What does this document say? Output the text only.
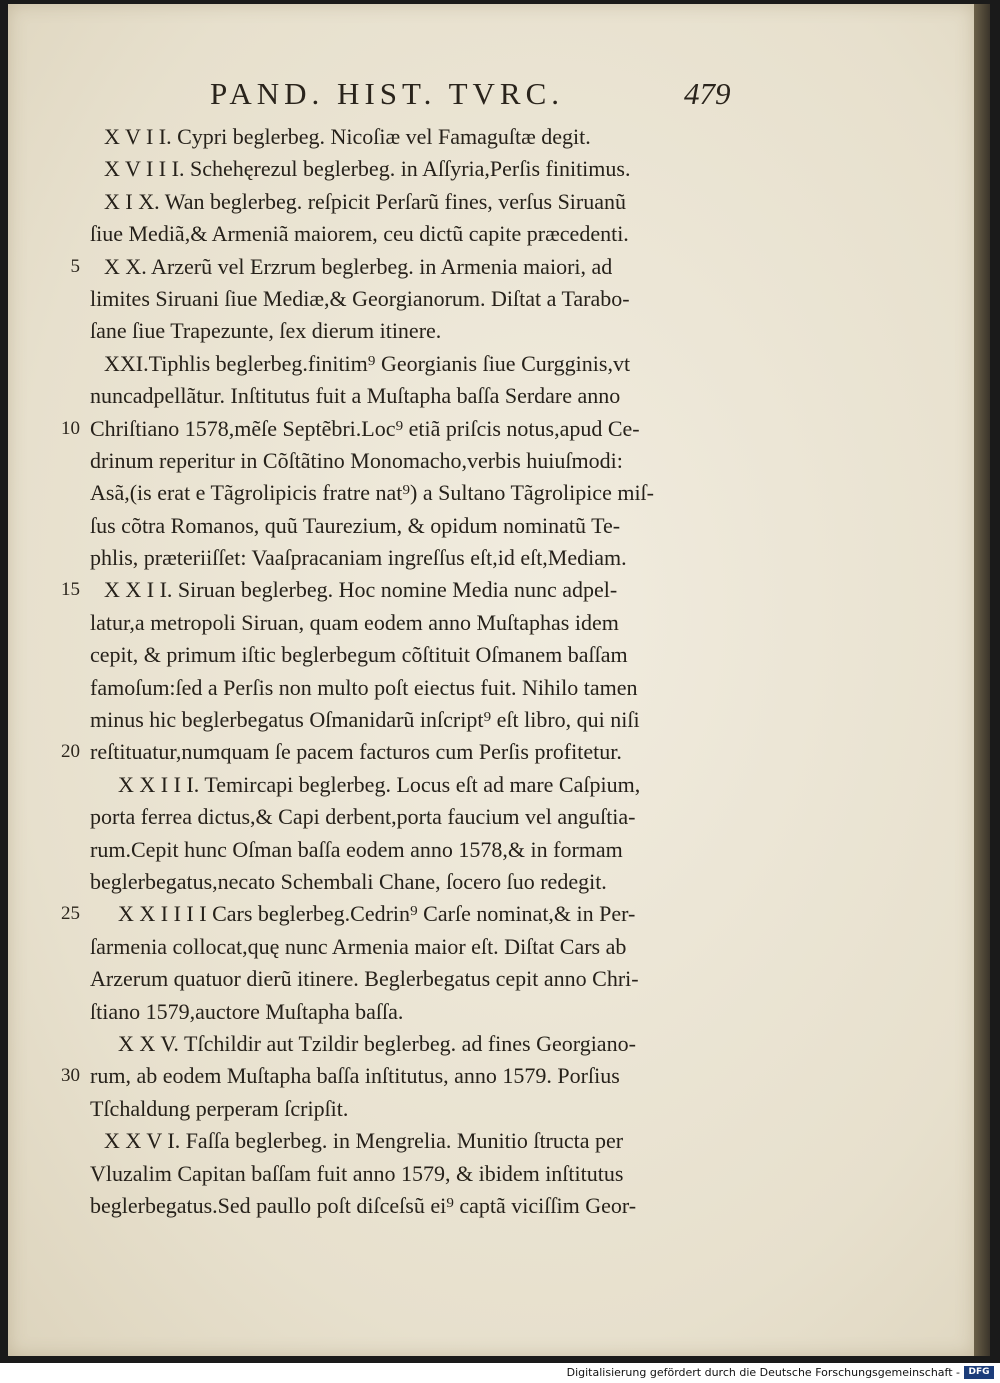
PAND. HIST. TVRC.	479
X V I I. Cypri beglerbeg. Nicoſiæ vel Famaguſtæ degit.
X V I I I. Schehęrezul beglerbeg. in Aſſyria,Perſis finitimus.
X I X. Wan beglerbeg. reſpicit Perſarũ fines, verſus Siruanũ
ſiue Mediã,& Armeniã maiorem, ceu dictũ capite præcedenti.
5 X X. Arzerũ vel Erzrum beglerbeg. in Armenia maiori, ad
limites Siruani ſiue Mediæ,& Georgianorum. Diſtat a Tarabo-
ſane ſiue Trapezunte, ſex dierum itinere.
XXI.Tiphlis beglerbeg.finitim⁹ Georgianis ſiue Curgginis,vt
nuncadpellãtur. Inſtitutus fuit a Muſtapha baſſa Serdare anno
10 Chriſtiano 1578,mẽſe Septẽbri.Loc⁹ etiã priſcis notus,apud Ce-
drinum reperitur in Cõſtãtino Monomacho,verbis huiuſmodi:
Asã,(is erat e Tãgrolipicis fratre nat⁹) a Sultano Tãgrolipice miſ-
ſus cõtra Romanos, quũ Taurezium, & opidum nominatũ Te-
phlis, præteriiſſet: Vaaſpracaniam ingreſſus eſt,id eſt,Mediam.
15 X X I I. Siruan beglerbeg. Hoc nomine Media nunc adpel-
latur,a metropoli Siruan, quam eodem anno Muſtaphas idem
cepit, & primum iſtic beglerbegum cõſtituit Oſmanem baſſam
famoſum:ſed a Perſis non multo poſt eiectus fuit. Nihilo tamen
minus hic beglerbegatus Oſmanidarũ inſcript⁹ eſt libro, qui niſi
20 reſtituatur,numquam ſe pacem facturos cum Perſis profitetur.
X X I I I. Temircapi beglerbeg. Locus eſt ad mare Caſpium,
porta ferrea dictus,& Capi derbent,porta faucium vel anguſtia-
rum.Cepit hunc Oſman baſſa eodem anno 1578,& in formam
beglerbegatus,necato Schembali Chane, ſocero ſuo redegit.
25 X X I I I I Cars beglerbeg.Cedrin⁹ Carſe nominat,& in Per-
ſarmenia collocat,quę nunc Armenia maior eſt. Diſtat Cars ab
Arzerum quatuor dierũ itinere. Beglerbegatus cepit anno Chri-
ſtiano 1579,auctore Muſtapha baſſa.
X X V. Tſchildir aut Tzildir beglerbeg. ad fines Georgiano-
30 rum, ab eodem Muſtapha baſſa inſtitutus, anno 1579. Porſius
Tſchaldung perperam ſcripſit.
X X V I. Faſſa beglerbeg. in Mengrelia. Munitio ſtructa per
Vluzalim Capitan baſſam fuit anno 1579, & ibidem inſtitutus
beglerbegatus.Sed paullo poſt diſceſsũ ei⁹ captã viciſſim Geor-
Digitalisierung gefördert durch die Deutsche Forschungsgemeinschaft - DFG
